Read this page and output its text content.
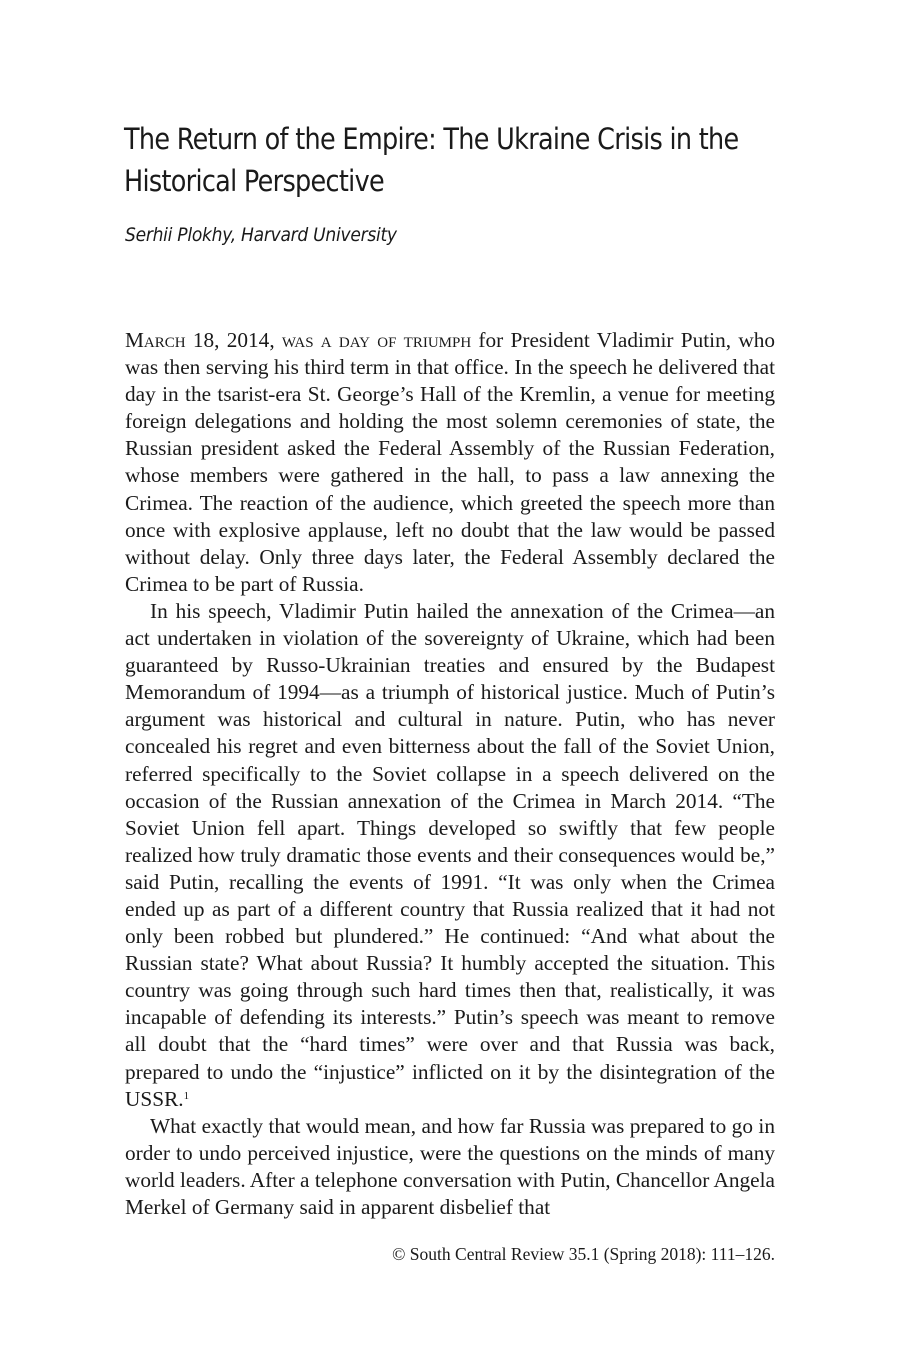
The Return of the Empire: The Ukraine Crisis in the Historical Perspective

Serhii Plokhy, Harvard University

March 18, 2014, was a day of triumph for President Vladimir Putin, who was then serving his third term in that office. In the speech he delivered that day in the tsarist-era St. George’s Hall of the Kremlin, a venue for meeting foreign delegations and holding the most solemn ceremonies of state, the Russian president asked the Federal Assembly of the Russian Federation, whose members were gathered in the hall, to pass a law annexing the Crimea. The reaction of the audience, which greeted the speech more than once with explosive applause, left no doubt that the law would be passed without delay. Only three days later, the Federal Assembly declared the Crimea to be part of Russia.

In his speech, Vladimir Putin hailed the annexation of the Crimea—an act undertaken in violation of the sovereignty of Ukraine, which had been guaranteed by Russo-Ukrainian treaties and ensured by the Budapest Memorandum of 1994—as a triumph of historical justice. Much of Putin’s argument was historical and cultural in nature. Putin, who has never concealed his regret and even bitterness about the fall of the Soviet Union, referred specifically to the Soviet collapse in a speech delivered on the occasion of the Russian annexation of the Crimea in March 2014. “The Soviet Union fell apart. Things developed so swiftly that few people realized how truly dramatic those events and their consequences would be,” said Putin, recalling the events of 1991. “It was only when the Crimea ended up as part of a different country that Russia realized that it had not only been robbed but plundered.” He continued: “And what about the Russian state? What about Russia? It humbly accepted the situation. This country was going through such hard times then that, realistically, it was incapable of defending its interests.” Putin’s speech was meant to remove all doubt that the “hard times” were over and that Russia was back, prepared to undo the “injustice” inflicted on it by the disintegration of the USSR.$^1$

What exactly that would mean, and how far Russia was prepared to go in order to undo perceived injustice, were the questions on the minds of many world leaders. After a telephone conversation with Putin, Chancellor Angela Merkel of Germany said in apparent disbelief that

© South Central Review 35.1 (Spring 2018): 111–126.
